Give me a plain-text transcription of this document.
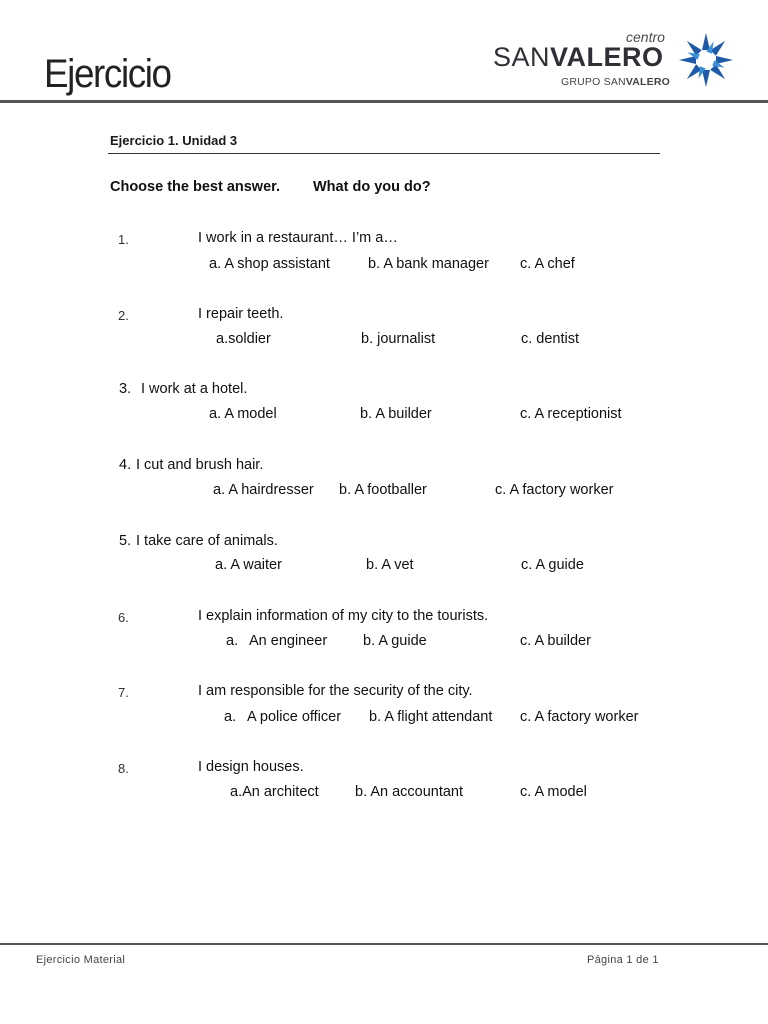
Ejercicio
centro
SANVALERO
GRUPO SANVALERO
Ejercicio 1. Unidad 3
Choose the best answer. What do you do?
1.	I work in a restaurant… I’m a…
a. A shop assistant	b. A bank manager c. A chef
2.	I repair teeth.
a.soldier	b. journalist	c. dentist
3. I work at a hotel.
a. A model	b. A builder	c. A receptionist
4. I cut and brush hair.
a. A hairdresser b. A footballer	c. A factory worker
5. I take care of animals.
a. A waiter	b. A vet	c. A guide
6.	I explain information of my city to the tourists.
a. An engineer b. A guide	c. A builder
7.	I am responsible for the security of the city.
a. A police officer b. A flight attendant c. A factory worker
8.	I design houses.
a.An architect	b. An accountant	c. A model
Ejercicio Material	Página 1 de 1
